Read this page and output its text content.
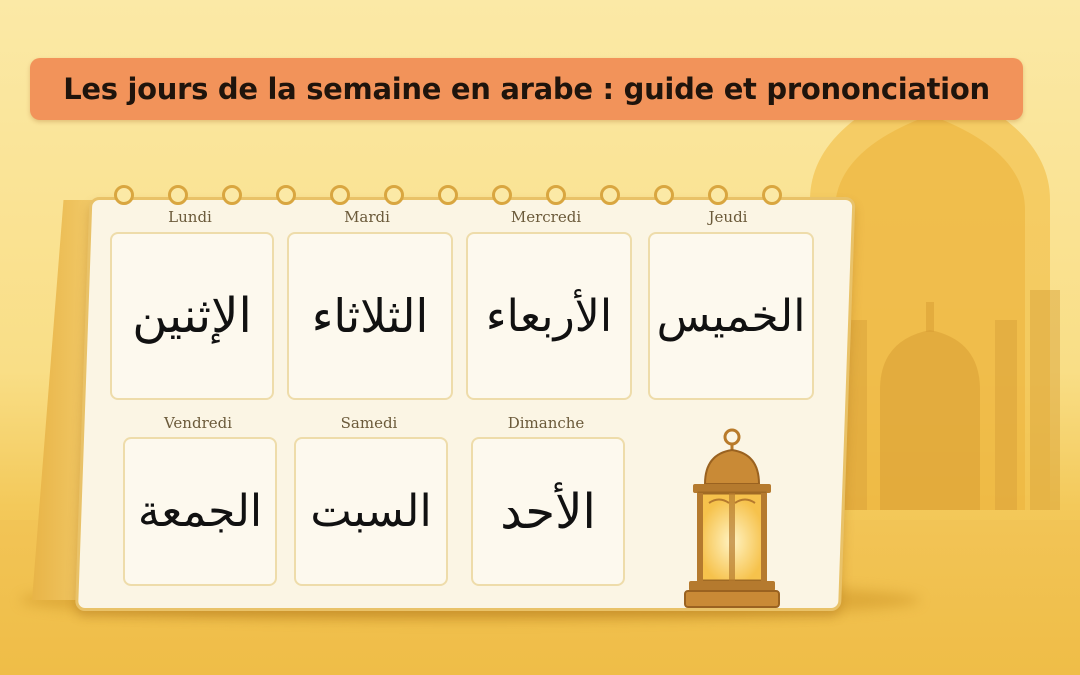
Les jours de la semaine en arabe : guide et prononciation
Lundi
الإثنين
Mardi
الثلاثاء
Mercredi
الأربعاء
Jeudi
الخميس
Vendredi
الجمعة
Samedi
السبت
Dimanche
الأحد
